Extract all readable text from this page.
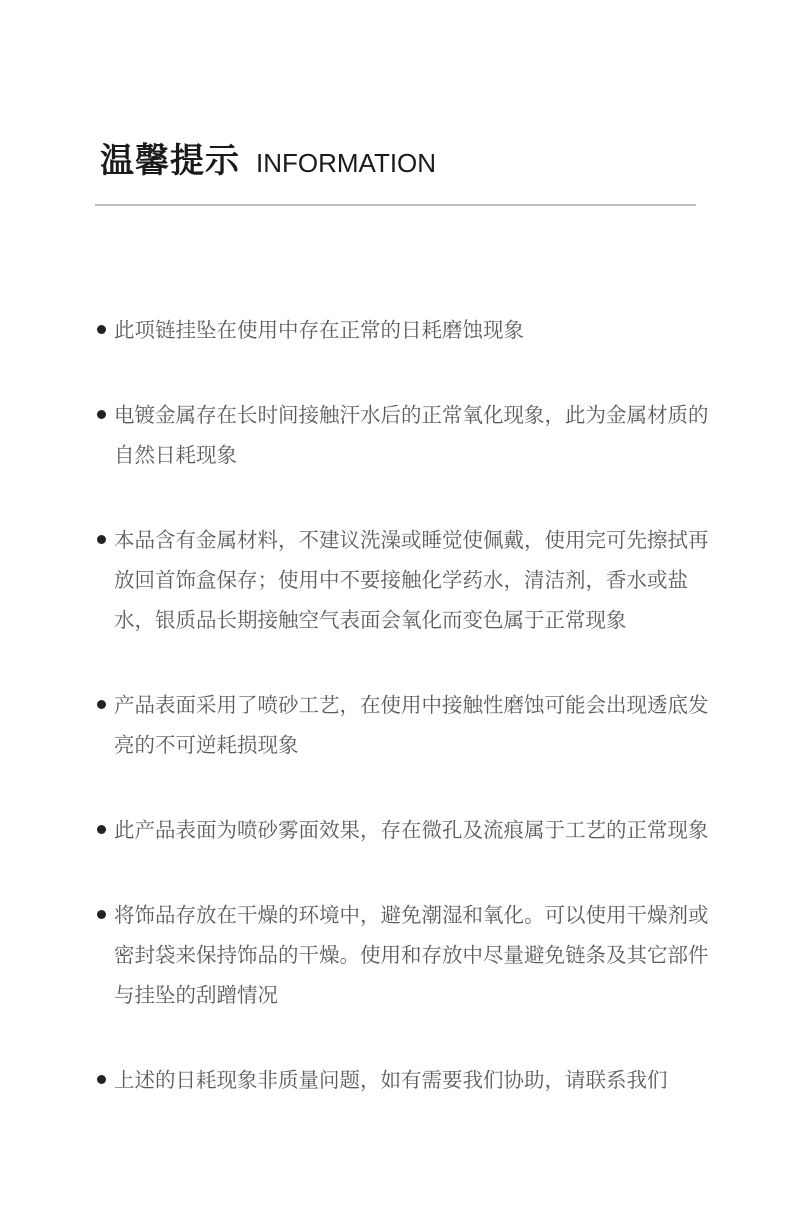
温馨提示 INFORMATION
此项链挂坠在使用中存在正常的日耗磨蚀现象
电镀金属存在长时间接触汗水后的正常氧化现象，此为金属材质的自然日耗现象
本品含有金属材料，不建议洗澡或睡觉使佩戴，使用完可先擦拭再放回首饰盒保存；使用中不要接触化学药水，清洁剂，香水或盐水，银质品长期接触空气表面会氧化而变色属于正常现象
产品表面采用了喷砂工艺，在使用中接触性磨蚀可能会出现透底发亮的不可逆耗损现象
此产品表面为喷砂雾面效果，存在微孔及流痕属于工艺的正常现象
将饰品存放在干燥的环境中，避免潮湿和氧化。可以使用干燥剂或密封袋来保持饰品的干燥。使用和存放中尽量避免链条及其它部件与挂坠的刮蹭情况
上述的日耗现象非质量问题，如有需要我们协助，请联系我们
